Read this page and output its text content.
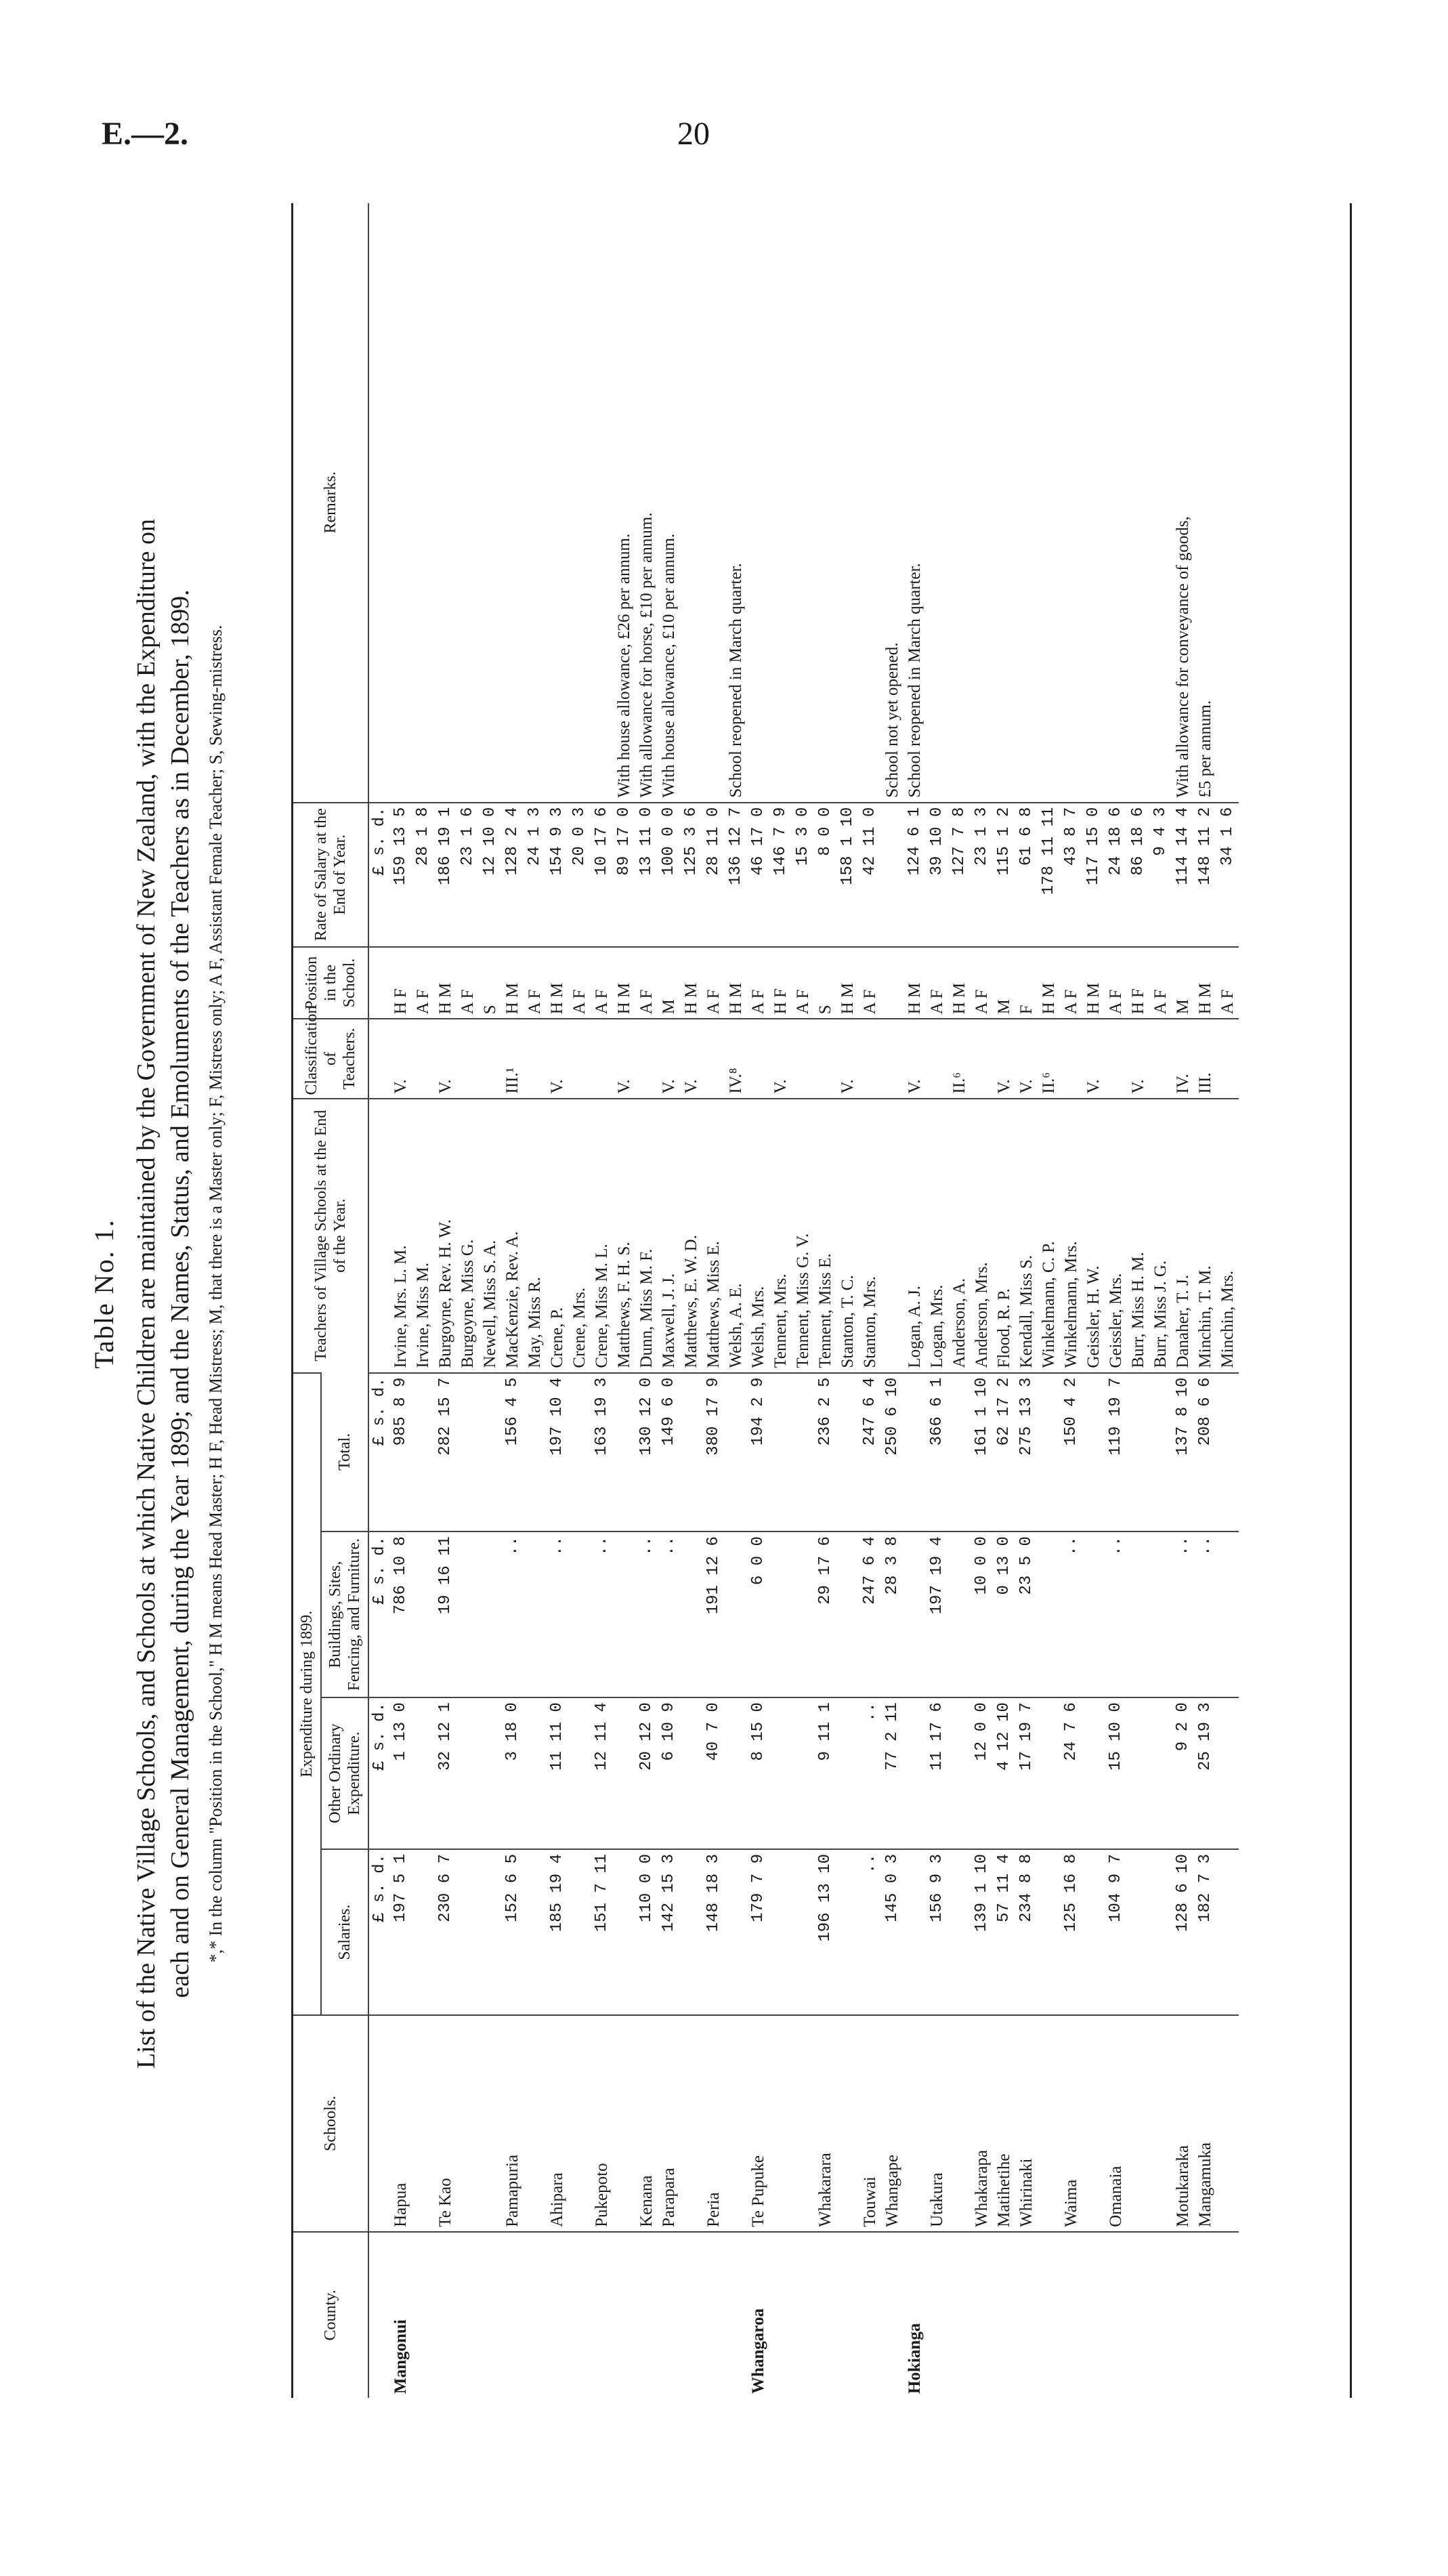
E.—2.	20
Table No. 1. List of the Native Village Schools, and Schools at which Native Children are maintained by the Government of New Zealand, with the Expenditure on each and on General Management, during the Year 1899; and the Names, Status, and Emoluments of the Teachers as in December, 1899. *,* In the column "Position in the School," H M means Head Master; H F, Head Mistress; M, that there is a Master only; F, Mistress only; A F, Assistant Female Teacher; S, Sewing-mistress.
County.	Schools.	Expenditure during 1899.				Teachers of Village Schools at the End of the Year.	Classification of Teachers.	Position in the School.	Rate of Salary at the End of Year.	Remarks.
		Salaries.	Other Ordinary Expenditure.	Buildings, Sites, Fencing, and Furniture.	Total.					
		£ s. d.	£ s. d.	£ s. d.	£ s. d.				£ s. d.	
Mangonui	Hapua	197 5 1	1 13 0	786 10 8	985 8 9	Irvine, Mrs. L. M.	V.	H F	159 13 5	
						Irvine, Miss M.		A F	28 1 8	
	Te Kao	230 6 7	32 12 1	19 16 11	282 15 7	Burgoyne, Rev. H. W.	V.	H M	186 19 1	
						Burgoyne, Miss G.		A F	23 1 6	
						Newell, Miss S. A.		S	12 10 0	
	Pamapuria	152 6 5	3 18 0	..	156 4 5	MacKenzie, Rev. A.	III.¹	H M	128 2 4	
						May, Miss R.		A F	24 1 3	
	Ahipara	185 19 4	11 11 0	..	197 10 4	Crene, P.	V.	H M	154 9 3	
						Crene, Mrs.		A F	20 0 3	
	Pukepoto	151 7 11	12 11 4	..	163 19 3	Crene, Miss M. L.		A F	10 17 6	
						Matthews, F. H. S.	V.	H M	89 17 0	With house allowance, £26 per annum.
	Kenana	110 0 0	20 12 0	..	130 12 0	Dunn, Miss M. F.		A F	13 11 0	With allowance for horse, £10 per annum.
	Parapara	142 15 3	6 10 9	..	149 6 0	Maxwell, J. J.	V.	M	100 0 0	With house allowance, £10 per annum.
						Matthews, E. W. D.	V.	H M	125 3 6	
	Peria	148 18 3	40 7 0	191 12 6	380 17 9	Matthews, Miss E.		A F	28 11 0	
						Welsh, A. E.	IV.⁸	H M	136 12 7	School reopened in March quarter.
Whangaroa	Te Pupuke	179 7 9	8 15 0	6 0 0	194 2 9	Welsh, Mrs.		A F	46 17 0	
						Tennent, Mrs.	V.	H F	146 7 9	
						Tennent, Miss G. V.		A F	15 3 0	
	Whakarara	196 13 10	9 11 1	29 17 6	236 2 5	Tennent, Miss E.		S	8 0 0	
						Stanton, T. C.	V.	H M	158 1 10	
	Touwai	..	..	247 6 4	247 6 4	Stanton, Mrs.		A F	42 11 0	
	Whangape	145 0 3	77 2 11	28 3 8	250 6 10					School not yet opened.
Hokianga						Logan, A. J.	V.	H M	124 6 1	School reopened in March quarter.
	Utakura	156 9 3	11 17 6	197 19 4	366 6 1	Logan, Mrs.		A F	39 10 0	
						Anderson, A.	II.⁶	H M	127 7 8	
	Whakarapa	139 1 10	12 0 0	10 0 0	161 1 10	Anderson, Mrs.		A F	23 1 3	
	Matihetihe	57 11 4	4 12 10	0 13 0	62 17 2	Flood, R. P.	V.	M	115 1 2	
	Whirinaki	234 8 8	17 19 7	23 5 0	275 13 3	Kendall, Miss S.	V.	F	61 6 8	
						Winkelmann, C. P.	II.⁶	H M	178 11 11	
	Waima	125 16 8	24 7 6	..	150 4 2	Winkelmann, Mrs.		A F	43 8 7	
						Geissler, H. W.	V.	H M	117 15 0	
	Omanaia	104 9 7	15 10 0	..	119 19 7	Geissler, Mrs.		A F	24 18 6	
						Burr, Miss H. M.	V.	H F	86 18 6	
						Burr, Miss J. G.		A F	9 4 3	
	Motukaraka	128 6 10	9 2 0	..	137 8 10	Danaher, T. J.	IV.	M	114 14 4	With allowance for conveyance of goods,
	Mangamuka	182 7 3	25 19 3	..	208 6 6	Minchin, T. M.	III.	H M	148 11 2	£5 per annum.
						Minchin, Mrs.		A F	34 1 6	
